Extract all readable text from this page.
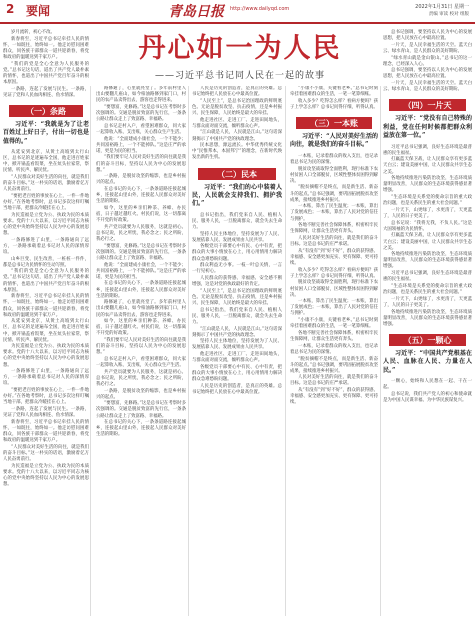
2 要闻	青岛日报 http://www.dailyqd.com	2022年1月31日 星期一
责编 审读 校对 组版
丹心如一为人民
——习近平总书记同人民在一起的故事

岁月流转，初心不改。

新春将至，习近平总书记牵挂人民的情怀，一如既往，始终如一。他走访慰问困难群众，同各族干部群众一道共迎新春，将党和政府的温暖送到千家万户。

“我们的党是全心全意为人民服务的党。”总书记这句话，道出了共产党人最朴素的情怀，也道出了中国共产党百年奋斗的根本原因。

一条路，连起了发展与民生。一条路，见证了党和人民血肉相连、鱼水情深。

（一）条路

习近平：“我就是为了让老百姓过上好日子，付出一切也是值得的。”

从延安到北京，从黄土高坡到太行山区，总书记的足迹遍布全国，他走进百姓家中，掀开锅盖看饭菜，坐在炕头拉家常，察民情、听民声、解民忧。

“人民群众对美好生活的向往，就是我们的奋斗目标。”这一朴实的话语，激励着亿万人民奋勇前行。

“要把老百姓的事放在心上，一件一件地办好。”在各地考察时，总书记多次这样叮嘱当地干部，把群众冷暖挂在心上。

为民造福是立党为公、执政为民的本质要求。党的十八大以来，以习近平同志为核心的党中央始终坚持以人民为中心的发展思想。

一条路修进了山里，一条路通向了远方，一条路承载着总书记对人民的深情厚谊。

山乡巨变、民生改善，一桩桩一件件，都是总书记为民情怀的生动写照。

“我们的党是全心全意为人民服务的党。”总书记这句话，道出了共产党人最朴素的情怀，也道出了中国共产党百年奋斗的根本原因。

新春将至，习近平总书记牵挂人民的情怀，一如既往，始终如一。他走访慰问困难群众，同各族干部群众一道共迎新春，将党和政府的温暖送到千家万户。

从延安到北京，从黄土高坡到太行山区，总书记的足迹遍布全国，他走进百姓家中，掀开锅盖看饭菜，坐在炕头拉家常，察民情、听民声、解民忧。

为民造福是立党为公、执政为民的本质要求。党的十八大以来，以习近平同志为核心的党中央始终坚持以人民为中心的发展思想。

一条路修进了山里，一条路通向了远方，一条路承载着总书记对人民的深情厚谊。

“要把老百姓的事放在心上，一件一件地办好。”在各地考察时，总书记多次这样叮嘱当地干部，把群众冷暖挂在心上。

一条路，连起了发展与民生。一条路，见证了党和人民血肉相连、鱼水情深。

新春将至，习近平总书记牵挂人民的情怀，一如既往，始终如一。他走访慰问困难群众，同各族干部群众一道共迎新春，将党和政府的温暖送到千家万户。

“人民群众对美好生活的向往，就是我们的奋斗目标。”这一朴实的话语，激励着亿万人民奋勇前行。

为民造福是立党为公、执政为民的本质要求。党的十八大以来，以习近平同志为核心的党中央始终坚持以人民为中心的发展思想。

路修通了，心里就亮堂了。多年前村里人出山要翻几座山，如今柏油路修到家门口，村民的农产品卖得出去，游客也走得进来。

“要想富，先修路。”这是总书记在考察时多次强调的。交通是脱贫致富的先行官，一条条公路让群众走上了致富路、幸福路。

总书记走村入户，看望困难群众，同大家一起算收入账、支出账，关心群众生产生活。

他说：“全面建成小康社会，一个不能少；共同富裕路上，一个不能掉队。”这是庄严的承诺，更是为民的担当。

“我们要牢记人民对美好生活的向往就是我们的奋斗目标，坚持以人民为中心的发展思想。”

一条路，是脱贫攻坚的缩影，也是乡村振兴的起点。

在总书记的关心下，一条条道路连接起城乡，连接起山里山外，连接起人民群众对美好生活的期盼。

如今，这里的乡亲们种茶、养蜂、办民宿，日子越过越红火。村民们说，这一切都离不开党的好政策。

共产党员就要为人民服务，这就是初心。总书记说，民之所忧，我必念之；民之所盼，我必行之。

“要想富，先修路。”这是总书记在考察时多次强调的。交通是脱贫致富的先行官，一条条公路让群众走上了致富路、幸福路。

他说：“全面建成小康社会，一个不能少；共同富裕路上，一个不能掉队。”这是庄严的承诺，更是为民的担当。

在总书记的关心下，一条条道路连接起城乡，连接起山里山外，连接起人民群众对美好生活的期盼。

路修通了，心里就亮堂了。多年前村里人出山要翻几座山，如今柏油路修到家门口，村民的农产品卖得出去，游客也走得进来。

如今，这里的乡亲们种茶、养蜂、办民宿，日子越过越红火。村民们说，这一切都离不开党的好政策。

“我们要牢记人民对美好生活的向往就是我们的奋斗目标，坚持以人民为中心的发展思想。”

总书记走村入户，看望困难群众，同大家一起算收入账、支出账，关心群众生产生活。

共产党员就要为人民服务，这就是初心。总书记说，民之所忧，我必念之；民之所盼，我必行之。

一条路，是脱贫攻坚的缩影，也是乡村振兴的起点。

“要想富，先修路。”这是总书记在考察时多次强调的。交通是脱贫致富的先行官，一条条公路让群众走上了致富路、幸福路。

在总书记的关心下，一条条道路连接起城乡，连接起山里山外，连接起人民群众对美好生活的期盼。

人民是历史的创造者，是真正的英雄。总书记始终把人民放在心中最高位置。

“人民至上”，是总书记治国理政的鲜明底色。无论是脱贫攻坚、抗击疫情，还是乡村振兴、民生保障，人民始终是最大的牵挂。

他走进社区、走进工厂、走进田间地头，与群众面对面交流，倾听群众心声。

“江山就是人民，人民就是江山。”这句话深刻揭示了中国共产党的执政理念。

民本思想，源远流长。中华优秀传统文化中“民惟邦本，本固邦宁”的理念，在新时代焕发出新的生机。

（二）民本

习近平：“我们的心中装着人民，人民就会支持我们、拥护我们。”

总书记指出，我们党来自人民、植根人民、服务人民，一旦脱离群众，就会失去生命力。

坚持人民主体地位，坚持发展为了人民、发展依靠人民、发展成果由人民共享。

各级党员干部要心中有民、心中有责，把群众的大事小情放在心上，用心用情用力解决群众急难愁盼问题。

群众利益无小事。一枝一叶总关情，一言一行见初心。

人民群众的获得感、幸福感、安全感不断增强，这是对党的执政最好的肯定。

“人民至上”，是总书记治国理政的鲜明底色。无论是脱贫攻坚、抗击疫情，还是乡村振兴、民生保障，人民始终是最大的牵挂。

总书记指出，我们党来自人民、植根人民、服务人民，一旦脱离群众，就会失去生命力。

“江山就是人民，人民就是江山。”这句话深刻揭示了中国共产党的执政理念。

坚持人民主体地位，坚持发展为了人民、发展依靠人民、发展成果由人民共享。

他走进社区、走进工厂、走进田间地头，与群众面对面交流，倾听群众心声。

各级党员干部要心中有民、心中有责，把群众的大事小情放在心上，用心用情用力解决群众急难愁盼问题。

人民是历史的创造者，是真正的英雄。总书记始终把人民放在心中最高位置。

“小康不小康，关键看老乡。”总书记时刻牵挂着困难群众的生活，一笔一笔算细账。

收入多少？吃得怎么样？看病方便吗？孩子上学怎么样？总书记问得仔细，听得认真。

（三）一本账

习近平：“人民对美好生活的向往，就是我们的奋斗目标。”

一本账，记录着群众的收入支出，也记录着总书记为民的深情。

脱贫攻坚战取得全面胜利，现行标准下农村贫困人口全部脱贫，区域性整体贫困得到解决。

“脱贫摘帽不是终点，而是新生活、新奋斗的起点。”总书记强调，要巩固拓展脱贫攻坚成果，接续推进乡村振兴。

一本账，算出了民生温度；一本账，算出了发展成色；一本账，算出了人民对党的信任与拥护。

各地不断完善社会保障体系，织密织牢民生保障网，让群众生活更有奔头。

人民对美好生活的向往，就是我们的奋斗目标。这是总书记的庄严承诺。

从“有没有”到“好不好”，群众的获得感、幸福感、安全感更加充实、更有保障、更可持续。

收入多少？吃得怎么样？看病方便吗？孩子上学怎么样？总书记问得仔细，听得认真。

脱贫攻坚战取得全面胜利，现行标准下农村贫困人口全部脱贫，区域性整体贫困得到解决。

一本账，算出了民生温度；一本账，算出了发展成色；一本账，算出了人民对党的信任与拥护。

“小康不小康，关键看老乡。”总书记时刻牵挂着困难群众的生活，一笔一笔算细账。

各地不断完善社会保障体系，织密织牢民生保障网，让群众生活更有奔头。

一本账，记录着群众的收入支出，也记录着总书记为民的深情。

“脱贫摘帽不是终点，而是新生活、新奋斗的起点。”总书记强调，要巩固拓展脱贫攻坚成果，接续推进乡村振兴。

人民对美好生活的向往，就是我们的奋斗目标。这是总书记的庄严承诺。

从“有没有”到“好不好”，群众的获得感、幸福感、安全感更加充实、更有保障、更可持续。

总书记强调，要坚持以人民为中心的发展思想，把人民放在心中最高位置。

一片天，是人民幸福生活的天空。蓝天白云、绿水青山，是人民群众的美好期盼。

“绿水青山就是金山银山。”总书记的这一理念，已经深入人心。

总书记强调，要坚持以人民为中心的发展思想，把人民放在心中最高位置。

一片天，是人民幸福生活的天空。蓝天白云、绿水青山，是人民群众的美好期盼。

（四）一片天

习近平：“党没有自己特殊的利益，党在任何时候都把群众利益放在第一位。”

习近平总书记强调，良好生态环境是最普惠的民生福祉。

打赢蓝天保卫战，让人民群众享有更多蓝天白云；建设美丽中国，让人民群众共享生态之美。

各地持续推进污染防治攻坚，生态环境质量明显改善，人民群众的生态环境获得感显著增强。

“生态环境是关系党的使命宗旨的重大政治问题，也是关系民生的重大社会问题。”

一片天下，山更绿了，水更清了，天更蓝了，人民的日子更美了。

总书记说：“我将无我，不负人民。”这是大国领袖的为民情怀。

打赢蓝天保卫战，让人民群众享有更多蓝天白云；建设美丽中国，让人民群众共享生态之美。

各地持续推进污染防治攻坚，生态环境质量明显改善，人民群众的生态环境获得感显著增强。

习近平总书记强调，良好生态环境是最普惠的民生福祉。

“生态环境是关系党的使命宗旨的重大政治问题，也是关系民生的重大社会问题。”

一片天下，山更绿了，水更清了，天更蓝了，人民的日子更美了。

各地持续推进污染防治攻坚，生态环境质量明显改善，人民群众的生态环境获得感显著增强。

（五）一颗心

习近平：“中国共产党根基在人民、血脉在人民、力量在人民。”

一颗心，始终和人民想在一起、干在一起。

总书记说，我们共产党人的初心和使命就是为中国人民谋幸福、为中华民族谋复兴。
